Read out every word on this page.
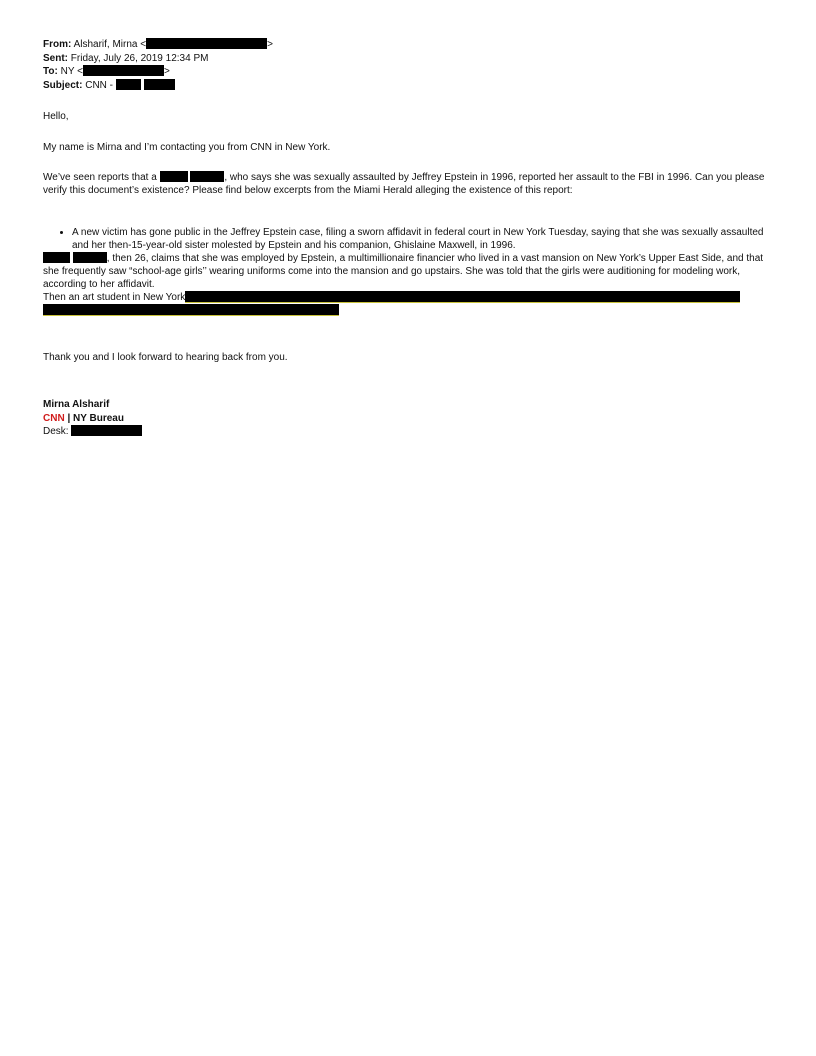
From: Alsharif, Mirna <	>
Sent: Friday, July 26, 2019 12:34 PM
To: NY <	>
Subject: CNN -

Hello,

My name is Mirna and I’m contacting you from CNN in New York.

We’ve seen reports that a	, who says she was sexually assaulted by Jeffrey Epstein in 1996, reported her assault to the FBI in 1996. Can you please verify this document’s existence? Please find below excerpts from the Miami Herald alleging the existence of this report:

• A new victim has gone public in the Jeffrey Epstein case, filing a sworn affidavit in federal court in New York Tuesday, saying that she was sexually assaulted and her then-15-year-old sister molested by Epstein and his companion, Ghislaine Maxwell, in 1996.

, then 26, claims that she was employed by Epstein, a multimillionaire financier who lived in a vast mansion on New York’s Upper East Side, and that she frequently saw “school-age girls’’ wearing uniforms come into the mansion and go upstairs. She was told that the girls were auditioning for modeling work, according to her affidavit.

Then an art student in New York

Thank you and I look forward to hearing back from you.

Mirna Alsharif
CNN | NY Bureau
Desk:
